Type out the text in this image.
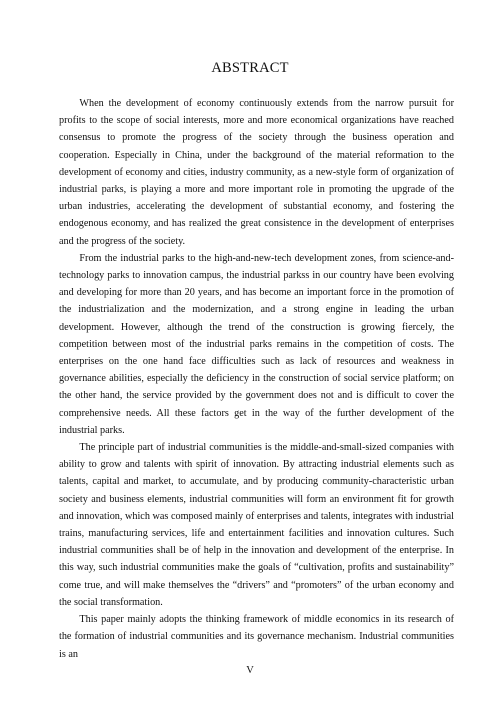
ABSTRACT

When the development of economy continuously extends from the narrow pursuit for profits to the scope of social interests, more and more economical organizations have reached consensus to promote the progress of the society through the business operation and cooperation. Especially in China, under the background of the material reformation to the development of economy and cities, industry community, as a new-style form of organization of industrial parks, is playing a more and more important role in promoting the upgrade of the urban industries, accelerating the development of substantial economy, and fostering the endogenous economy, and has realized the great consistence in the development of enterprises and the progress of the society.

From the industrial parks to the high-and-new-tech development zones, from science-and-technology parks to innovation campus, the industrial parkss in our country have been evolving and developing for more than 20 years, and has become an important force in the promotion of the industrialization and the modernization, and a strong engine in leading the urban development. However, although the trend of the construction is growing fiercely, the competition between most of the industrial parks remains in the competition of costs. The enterprises on the one hand face difficulties such as lack of resources and weakness in governance abilities, especially the deficiency in the construction of social service platform; on the other hand, the service provided by the government does not and is difficult to cover the comprehensive needs. All these factors get in the way of the further development of the industrial parks.

The principle part of industrial communities is the middle-and-small-sized companies with ability to grow and talents with spirit of innovation. By attracting industrial elements such as talents, capital and market, to accumulate, and by producing community-characteristic urban society and business elements, industrial communities will form an environment fit for growth and innovation, which was composed mainly of enterprises and talents, integrates with industrial trains, manufacturing services, life and entertainment facilities and innovation cultures. Such industrial communities shall be of help in the innovation and development of the enterprise. In this way, such industrial communities make the goals of “cultivation, profits and sustainability” come true, and will make themselves the “drivers” and “promoters” of the urban economy and the social transformation.

This paper mainly adopts the thinking framework of middle economics in its research of the formation of industrial communities and its governance mechanism. Industrial communities is an

V
